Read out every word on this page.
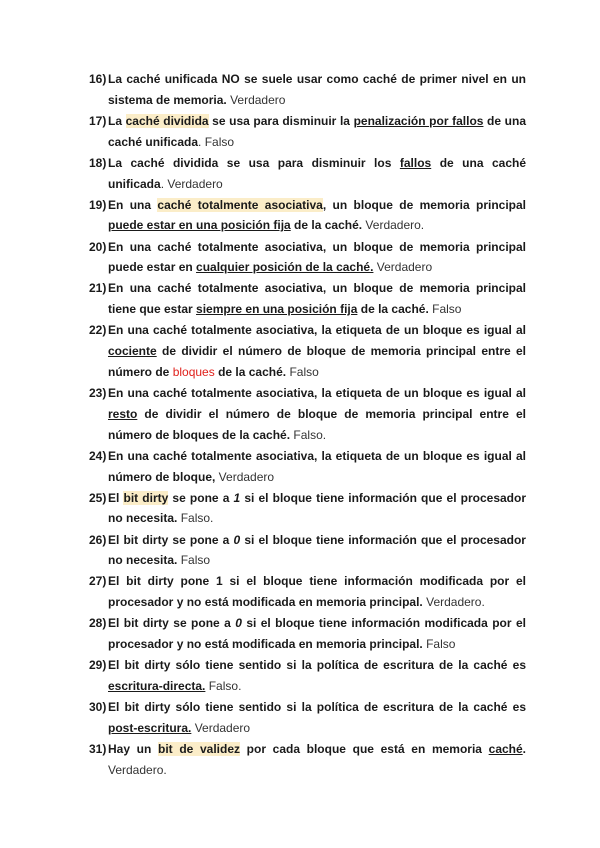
16) La caché unificada NO se suele usar como caché de primer nivel en un sistema de memoria. Verdadero
17) La caché dividida se usa para disminuir la penalización por fallos de una caché unificada. Falso
18) La caché dividida se usa para disminuir los fallos de una caché unificada. Verdadero
19) En una caché totalmente asociativa, un bloque de memoria principal puede estar en una posición fija de la caché. Verdadero.
20) En una caché totalmente asociativa, un bloque de memoria principal puede estar en cualquier posición de la caché. Verdadero
21) En una caché totalmente asociativa, un bloque de memoria principal tiene que estar siempre en una posición fija de la caché. Falso
22) En una caché totalmente asociativa, la etiqueta de un bloque es igual al cociente de dividir el número de bloque de memoria principal entre el número de bloques de la caché. Falso
23) En una caché totalmente asociativa, la etiqueta de un bloque es igual al resto de dividir el número de bloque de memoria principal entre el número de bloques de la caché. Falso.
24) En una caché totalmente asociativa, la etiqueta de un bloque es igual al número de bloque, Verdadero
25) El bit dirty se pone a 1 si el bloque tiene información que el procesador no necesita. Falso.
26) El bit dirty se pone a 0 si el bloque tiene información que el procesador no necesita. Falso
27) El bit dirty pone 1 si el bloque tiene información modificada por el procesador y no está modificada en memoria principal. Verdadero.
28) El bit dirty se pone a 0 si el bloque tiene información modificada por el procesador y no está modificada en memoria principal. Falso
29) El bit dirty sólo tiene sentido si la política de escritura de la caché es escritura-directa. Falso.
30) El bit dirty sólo tiene sentido si la política de escritura de la caché es post-escritura. Verdadero
31) Hay un bit de validez por cada bloque que está en memoria caché. Verdadero.
